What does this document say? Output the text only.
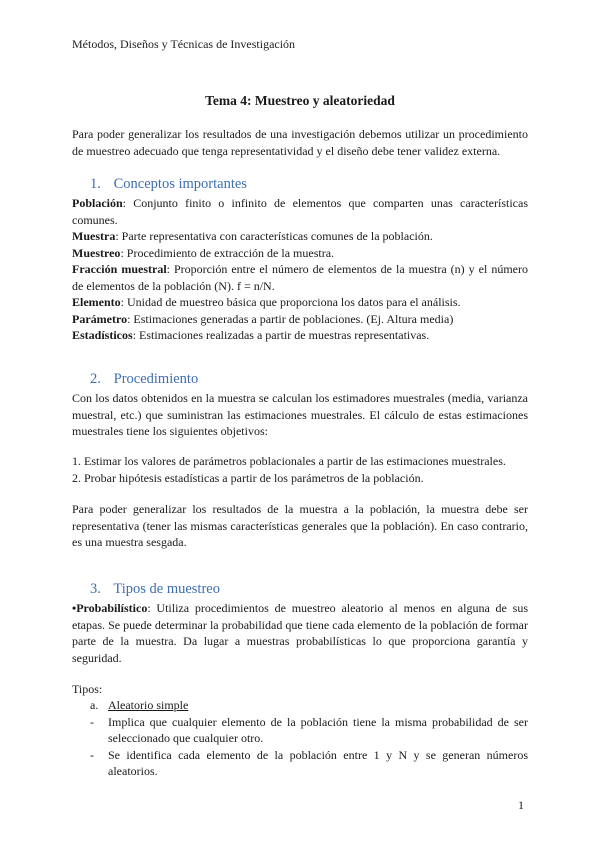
Métodos, Diseños y Técnicas de Investigación
Tema 4: Muestreo y aleatoriedad
Para poder generalizar los resultados de una investigación debemos utilizar un procedimiento de muestreo adecuado que tenga representatividad y el diseño debe tener validez externa.
1. Conceptos importantes

Población: Conjunto finito o infinito de elementos que comparten unas características comunes.

Muestra: Parte representativa con características comunes de la población.

Muestreo: Procedimiento de extracción de la muestra.

Fracción muestral: Proporción entre el número de elementos de la muestra (n) y el número de elementos de la población (N). f = n/N.

Elemento: Unidad de muestreo básica que proporciona los datos para el análisis.

Parámetro: Estimaciones generadas a partir de poblaciones. (Ej. Altura media)

Estadísticos: Estimaciones realizadas a partir de muestras representativas.

2. Procedimiento
Con los datos obtenidos en la muestra se calculan los estimadores muestrales (media, varianza muestral, etc.) que suministran las estimaciones muestrales. El cálculo de estas estimaciones muestrales tiene los siguientes objetivos:

1. Estimar los valores de parámetros poblacionales a partir de las estimaciones muestrales.

2. Probar hipótesis estadísticas a partir de los parámetros de la población.

Para poder generalizar los resultados de la muestra a la población, la muestra debe ser representativa (tener las mismas características generales que la población). En caso contrario, es una muestra sesgada.
3. Tipos de muestreo
•Probabilístico: Utiliza procedimientos de muestreo aleatorio al menos en alguna de sus etapas. Se puede determinar la probabilidad que tiene cada elemento de la población de formar parte de la muestra. Da lugar a muestras probabilísticas lo que proporciona garantía y seguridad.
Tipos:
a. Aleatorio simple
- Implica que cualquier elemento de la población tiene la misma probabilidad de ser seleccionado que cualquier otro.
- Se identifica cada elemento de la población entre 1 y N y se generan números aleatorios.
1
